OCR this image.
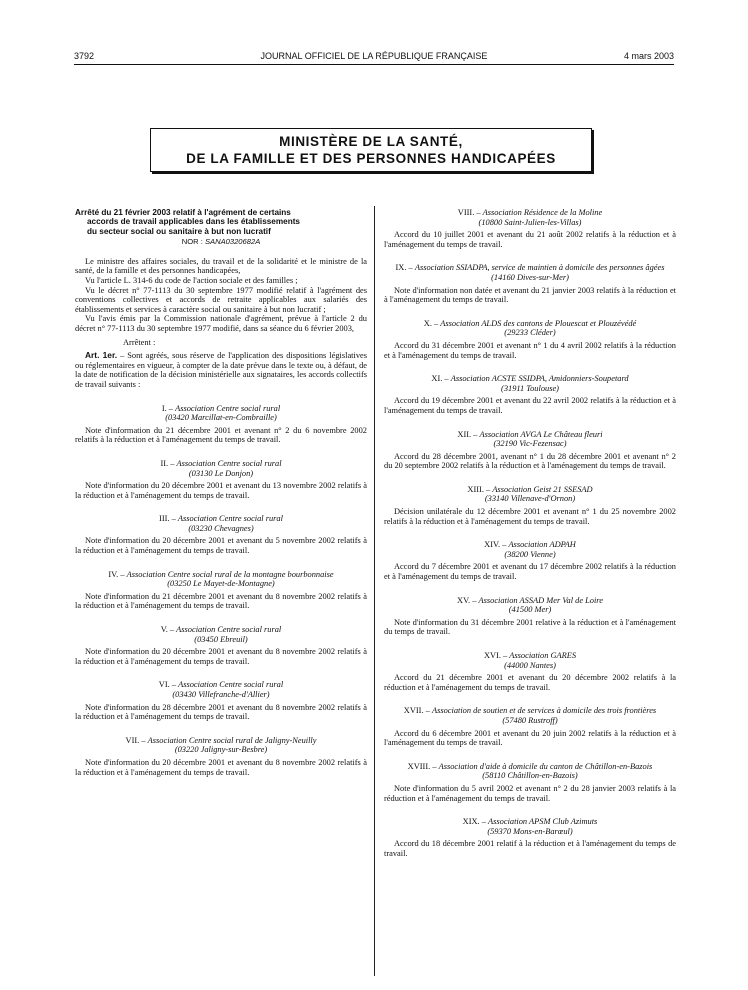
3792	JOURNAL OFFICIEL DE LA RÉPUBLIQUE FRANÇAISE	4 mars 2003
MINISTÈRE DE LA SANTÉ,
DE LA FAMILLE ET DES PERSONNES HANDICAPÉES
Arrêté du 21 février 2003 relatif à l'agrément de certains
accords de travail applicables dans les établissements
du secteur social ou sanitaire à but non lucratif
NOR : SANA0320682A

Le ministre des affaires sociales, du travail et de la solidarité et le ministre de la santé, de la famille et des personnes handicapées,

Vu l'article L. 314-6 du code de l'action sociale et des familles ;

Vu le décret n° 77-1113 du 30 septembre 1977 modifié relatif à l'agrément des conventions collectives et accords de retraite applicables aux salariés des établissements et services à caractère social ou sanitaire à but non lucratif ;

Vu l'avis émis par la Commission nationale d'agrément, prévue à l'article 2 du décret n° 77-1113 du 30 septembre 1977 modifié, dans sa séance du 6 février 2003,

Arrêtent :

Art. 1er. – Sont agréés, sous réserve de l'application des dispositions législatives ou réglementaires en vigueur, à compter de la date prévue dans le texte ou, à défaut, de la date de notification de la décision ministérielle aux signataires, les accords collectifs de travail suivants :

I. – Association Centre social rural
(03420 Marcillat-en-Combraille)

Note d'information du 21 décembre 2001 et avenant n° 2 du 6 novembre 2002 relatifs à la réduction et à l'aménagement du temps de travail.

II. – Association Centre social rural
(03130 Le Donjon)

Note d'information du 20 décembre 2001 et avenant du 13 novembre 2002 relatifs à la réduction et à l'aménagement du temps de travail.

III. – Association Centre social rural
(03230 Chevagnes)

Note d'information du 20 décembre 2001 et avenant du 5 novembre 2002 relatifs à la réduction et à l'aménagement du temps de travail.

IV. – Association Centre social rural de la montagne bourbonnaise
(03250 Le Mayet-de-Montagne)

Note d'information du 21 décembre 2001 et avenant du 8 novembre 2002 relatifs à la réduction et à l'aménagement du temps de travail.

V. – Association Centre social rural
(03450 Ebreuil)

Note d'information du 20 décembre 2001 et avenant du 8 novembre 2002 relatifs à la réduction et à l'aménagement du temps de travail.

VI. – Association Centre social rural
(03430 Villefranche-d'Allier)

Note d'information du 28 décembre 2001 et avenant du 8 novembre 2002 relatifs à la réduction et à l'aménagement du temps de travail.

VII. – Association Centre social rural de Jaligny-Neuilly
(03220 Jaligny-sur-Besbre)

Note d'information du 20 décembre 2001 et avenant du 8 novembre 2002 relatifs à la réduction et à l'aménagement du temps de travail.

VIII. – Association Résidence de la Moline
(10800 Saint-Julien-les-Villas)

Accord du 10 juillet 2001 et avenant du 21 août 2002 relatifs à la réduction et à l'aménagement du temps de travail.

IX. – Association SSIADPA, service de maintien à domicile des personnes âgées
(14160 Dives-sur-Mer)

Note d'information non datée et avenant du 21 janvier 2003 relatifs à la réduction et à l'aménagement du temps de travail.

X. – Association ALDS des cantons de Plouescat et Plouzévédé
(29233 Cléder)

Accord du 31 décembre 2001 et avenant n° 1 du 4 avril 2002 relatifs à la réduction et à l'aménagement du temps de travail.

XI. – Association ACSTE SSIDPA, Amidonniers-Soupetard
(31911 Toulouse)

Accord du 19 décembre 2001 et avenant du 22 avril 2002 relatifs à la réduction et à l'aménagement du temps de travail.

XII. – Association AVGA Le Château fleuri
(32190 Vic-Fezensac)

Accord du 28 décembre 2001, avenant n° 1 du 28 décembre 2001 et avenant n° 2 du 20 septembre 2002 relatifs à la réduction et à l'aménagement du temps de travail.

XIII. – Association Geist 21 SSESAD
(33140 Villenave-d'Ornon)

Décision unilatérale du 12 décembre 2001 et avenant n° 1 du 25 novembre 2002 relatifs à la réduction et à l'aménagement du temps de travail.

XIV. – Association ADPAH
(38200 Vienne)

Accord du 7 décembre 2001 et avenant du 17 décembre 2002 relatifs à la réduction et à l'aménagement du temps de travail.

XV. – Association ASSAD Mer Val de Loire
(41500 Mer)

Note d'information du 31 décembre 2001 relative à la réduction et à l'aménagement du temps de travail.

XVI. – Association GARES
(44000 Nantes)

Accord du 21 décembre 2001 et avenant du 20 décembre 2002 relatifs à la réduction et à l'aménagement du temps de travail.

XVII. – Association de soutien et de services à domicile des trois frontières
(57480 Rustroff)

Accord du 6 décembre 2001 et avenant du 20 juin 2002 relatifs à la réduction et à l'aménagement du temps de travail.

XVIII. – Association d'aide à domicile du canton de Châtillon-en-Bazois
(58110 Châtillon-en-Bazois)

Note d'information du 5 avril 2002 et avenant n° 2 du 28 janvier 2003 relatifs à la réduction et à l'aménagement du temps de travail.

XIX. – Association APSM Club Azimuts
(59370 Mons-en-Barœul)

Accord du 18 décembre 2001 relatif à la réduction et à l'aménagement du temps de travail.
